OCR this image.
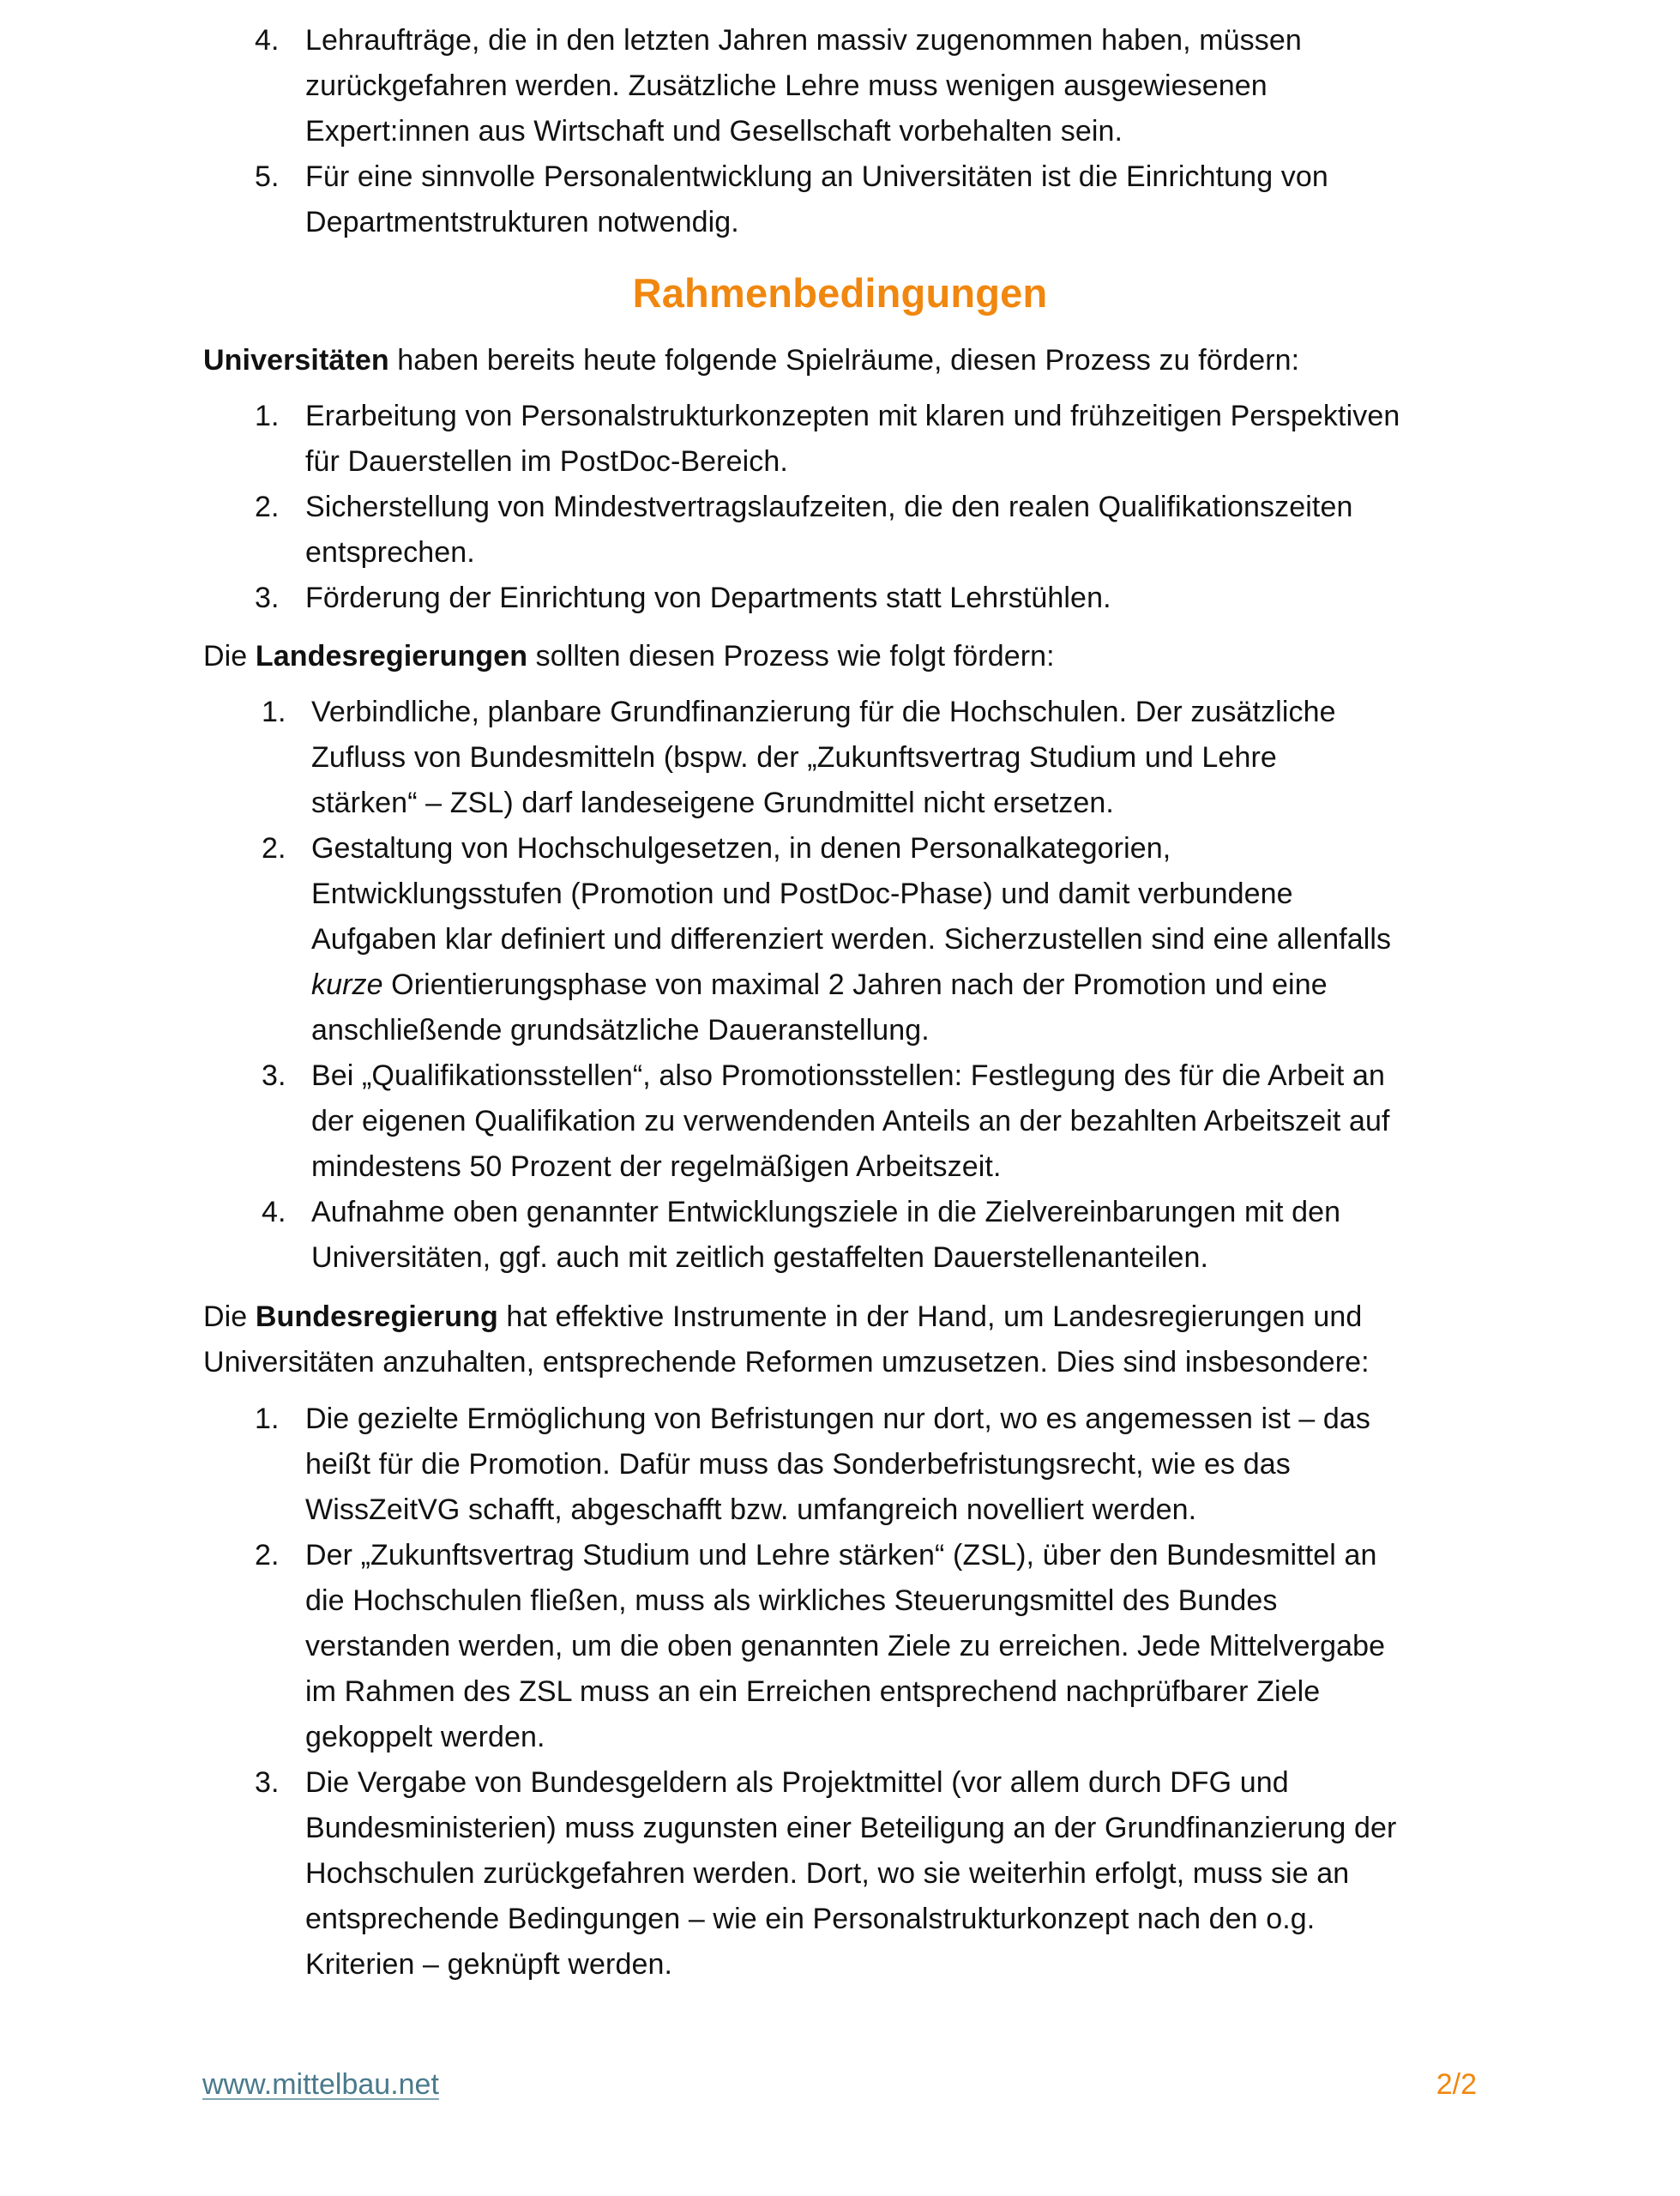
4. Lehraufträge, die in den letzten Jahren massiv zugenommen haben, müssen
zurückgefahren werden. Zusätzliche Lehre muss wenigen ausgewiesenen
Expert:innen aus Wirtschaft und Gesellschaft vorbehalten sein.
5. Für eine sinnvolle Personalentwicklung an Universitäten ist die Einrichtung von
Departmentstrukturen notwendig.
Rahmenbedingungen
Universitäten haben bereits heute folgende Spielräume, diesen Prozess zu fördern:
1. Erarbeitung von Personalstrukturkonzepten mit klaren und frühzeitigen Perspektiven
für Dauerstellen im PostDoc-Bereich.
2. Sicherstellung von Mindestvertragslaufzeiten, die den realen Qualifikationszeiten
entsprechen.
3. Förderung der Einrichtung von Departments statt Lehrstühlen.
Die Landesregierungen sollten diesen Prozess wie folgt fördern:
1. Verbindliche, planbare Grundfinanzierung für die Hochschulen. Der zusätzliche
Zufluss von Bundesmitteln (bspw. der „Zukunftsvertrag Studium und Lehre
stärken“ – ZSL) darf landeseigene Grundmittel nicht ersetzen.
2. Gestaltung von Hochschulgesetzen, in denen Personalkategorien,
Entwicklungsstufen (Promotion und PostDoc-Phase) und damit verbundene
Aufgaben klar definiert und differenziert werden. Sicherzustellen sind eine allenfalls
kurze Orientierungsphase von maximal 2 Jahren nach der Promotion und eine
anschließende grundsätzliche Daueranstellung.
3. Bei „Qualifikationsstellen“, also Promotionsstellen: Festlegung des für die Arbeit an
der eigenen Qualifikation zu verwendenden Anteils an der bezahlten Arbeitszeit auf
mindestens 50 Prozent der regelmäßigen Arbeitszeit.
4. Aufnahme oben genannter Entwicklungsziele in die Zielvereinbarungen mit den
Universitäten, ggf. auch mit zeitlich gestaffelten Dauerstellenanteilen.
Die Bundesregierung hat effektive Instrumente in der Hand, um Landesregierungen und
Universitäten anzuhalten, entsprechende Reformen umzusetzen. Dies sind insbesondere:
1. Die gezielte Ermöglichung von Befristungen nur dort, wo es angemessen ist – das
heißt für die Promotion. Dafür muss das Sonderbefristungsrecht, wie es das
WissZeitVG schafft, abgeschafft bzw. umfangreich novelliert werden.
2. Der „Zukunftsvertrag Studium und Lehre stärken“ (ZSL), über den Bundesmittel an
die Hochschulen fließen, muss als wirkliches Steuerungsmittel des Bundes
verstanden werden, um die oben genannten Ziele zu erreichen. Jede Mittelvergabe
im Rahmen des ZSL muss an ein Erreichen entsprechend nachprüfbarer Ziele
gekoppelt werden.
3. Die Vergabe von Bundesgeldern als Projektmittel (vor allem durch DFG und
Bundesministerien) muss zugunsten einer Beteiligung an der Grundfinanzierung der
Hochschulen zurückgefahren werden. Dort, wo sie weiterhin erfolgt, muss sie an
entsprechende Bedingungen – wie ein Personalstrukturkonzept nach den o.g.
Kriterien – geknüpft werden.
www.mittelbau.net	2/2
